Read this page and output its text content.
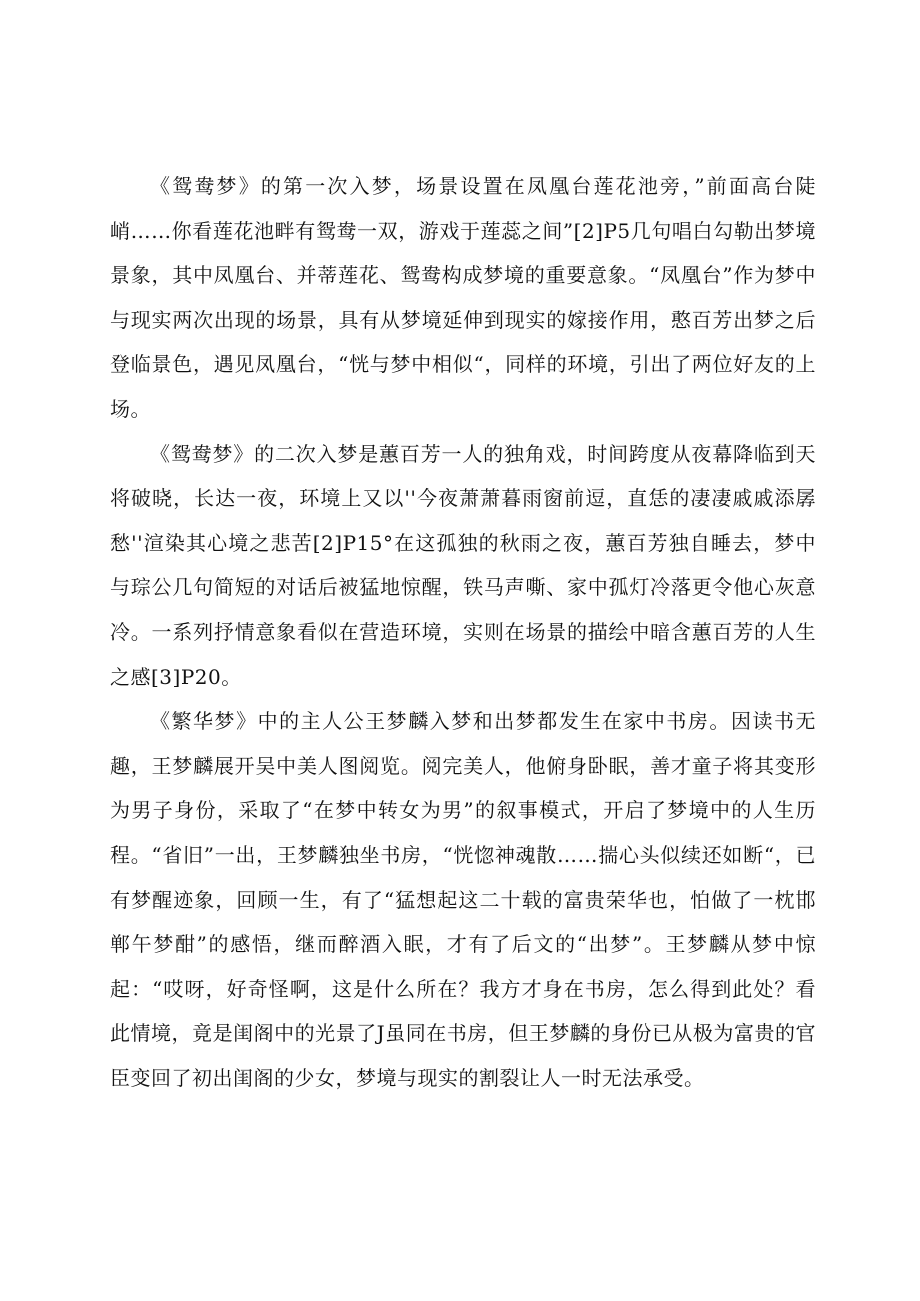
《鸳鸯梦》的第一次入梦，场景设置在凤凰台莲花池旁，”前面高台陡峭……你看莲花池畔有鸳鸯一双，游戏于莲蕊之间”[2]P5几句唱白勾勒出梦境景象，其中凤凰台、并蒂莲花、鸳鸯构成梦境的重要意象。“凤凰台”作为梦中与现实两次出现的场景，具有从梦境延伸到现实的嫁接作用，憨百芳出梦之后登临景色，遇见凤凰台，“恍与梦中相似“，同样的环境，引出了两位好友的上场。

《鸳鸯梦》的二次入梦是蕙百芳一人的独角戏，时间跨度从夜幕降临到天将破晓，长达一夜，环境上又以''今夜萧萧暮雨窗前逗，直恁的凄凄戚戚添孱愁''渲染其心境之悲苦[2]P15°在这孤独的秋雨之夜，蕙百芳独自睡去，梦中与琮公几句简短的对话后被猛地惊醒，铁马声嘶、家中孤灯冷落更令他心灰意冷。一系列抒情意象看似在营造环境，实则在场景的描绘中暗含蕙百芳的人生之感[3]P20。

《繁华梦》中的主人公王梦麟入梦和出梦都发生在家中书房。因读书无趣，王梦麟展开吴中美人图阅览。阅完美人，他俯身卧眠，善才童子将其变形为男子身份，采取了“在梦中转女为男”的叙事模式，开启了梦境中的人生历程。“省旧”一出，王梦麟独坐书房，“恍惚神魂散……揣心头似续还如断“，已有梦醒迹象，回顾一生，有了“猛想起这二十载的富贵荣华也，怕做了一枕邯郸午梦酣”的感悟，继而醉酒入眠，才有了后文的“出梦”。王梦麟从梦中惊起：“哎呀，好奇怪啊，这是什么所在？我方才身在书房，怎么得到此处？看此情境，竟是闺阁中的光景了J虽同在书房，但王梦麟的身份已从极为富贵的官臣变回了初出闺阁的少女，梦境与现实的割裂让人一时无法承受。
